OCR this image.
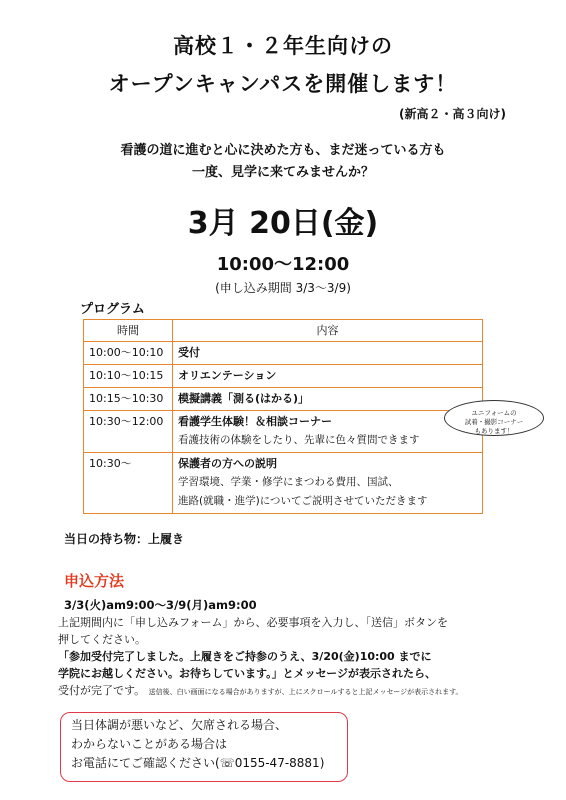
高校１・２年生向けの
オープンキャンパスを開催します！
(新高２・高３向け)
看護の道に進むと心に決めた方も、まだ迷っている方も
一度、見学に来てみませんか？
3月 20日(金)
10:00～12:00
(申し込み期間 3/3～3/9)
プログラム
時間	内容
10:00～10:10	受付

10:10～10:15	オリエンテーション

10:15～10:30	模擬講義「測る(はかる)」

10:30～12:00	看護学生体験！＆相談コーナー
看護技術の体験をしたり、先輩に色々質問できます

10:30～	保護者の方への説明
学習環境、学業・修学にまつわる費用、国試、
進路(就職・進学)についてご説明させていただきます
ユニフォームの
試着・撮影コーナー
もあります！
当日の持ち物：上履き
申込方法
3/3(火)am9:00～3/9(月)am9:00
上記期間内に「申し込みフォーム」から、必要事項を入力し、「送信」ボタンを
押してください。
「参加受付完了しました。上履きをご持参のうえ、3/20(金)10:00 までに
学院にお越しください。お待ちしています。」とメッセージが表示されたら、
受付が完了です。 送信後、白い画面になる場合がありますが、上にスクロールすると上記メッセージが表示されます。
当日体調が悪いなど、欠席される場合、
わからないことがある場合は
お電話にてご確認ください(☏0155-47-8881)
